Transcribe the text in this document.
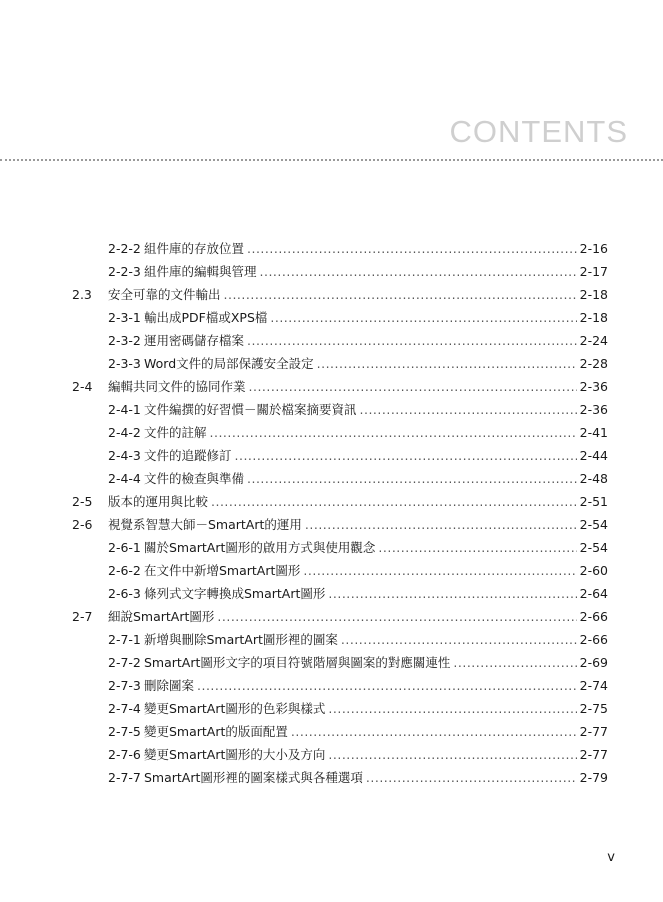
CONTENTS
2-2-2 組件庫的存放位置 .....	2-16
2-2-3 組件庫的編輯與管理 .....	2-17
2.3	安全可靠的文件輸出 .....	2-18
2-3-1 輸出成PDF檔或XPS檔 .....	2-18
2-3-2 運用密碼儲存檔案 .....	2-24
2-3-3 Word文件的局部保護安全設定 .....	2-28
2-4	編輯共同文件的協同作業 .....	2-36
2-4-1 文件編撰的好習慣－關於檔案摘要資訊 .....	2-36
2-4-2 文件的註解 .....	2-41
2-4-3 文件的追蹤修訂 .....	2-44
2-4-4 文件的檢查與準備 .....	2-48
2-5	版本的運用與比較 .....	2-51
2-6	視覺系智慧大師－SmartArt的運用 .....	2-54
2-6-1 關於SmartArt圖形的啟用方式與使用觀念 .....	2-54
2-6-2 在文件中新增SmartArt圖形 .....	2-60
2-6-3 條列式文字轉換成SmartArt圖形 .....	2-64
2-7	細說SmartArt圖形 .....	2-66
2-7-1 新增與刪除SmartArt圖形裡的圖案 .....	2-66
2-7-2 SmartArt圖形文字的項目符號階層與圖案的對應關連性 .....	2-69
2-7-3 刪除圖案 .....	2-74
2-7-4 變更SmartArt圖形的色彩與樣式 .....	2-75
2-7-5 變更SmartArt的版面配置 .....	2-77
2-7-6 變更SmartArt圖形的大小及方向 .....	2-77
2-7-7 SmartArt圖形裡的圖案樣式與各種選項 .....	2-79
v
